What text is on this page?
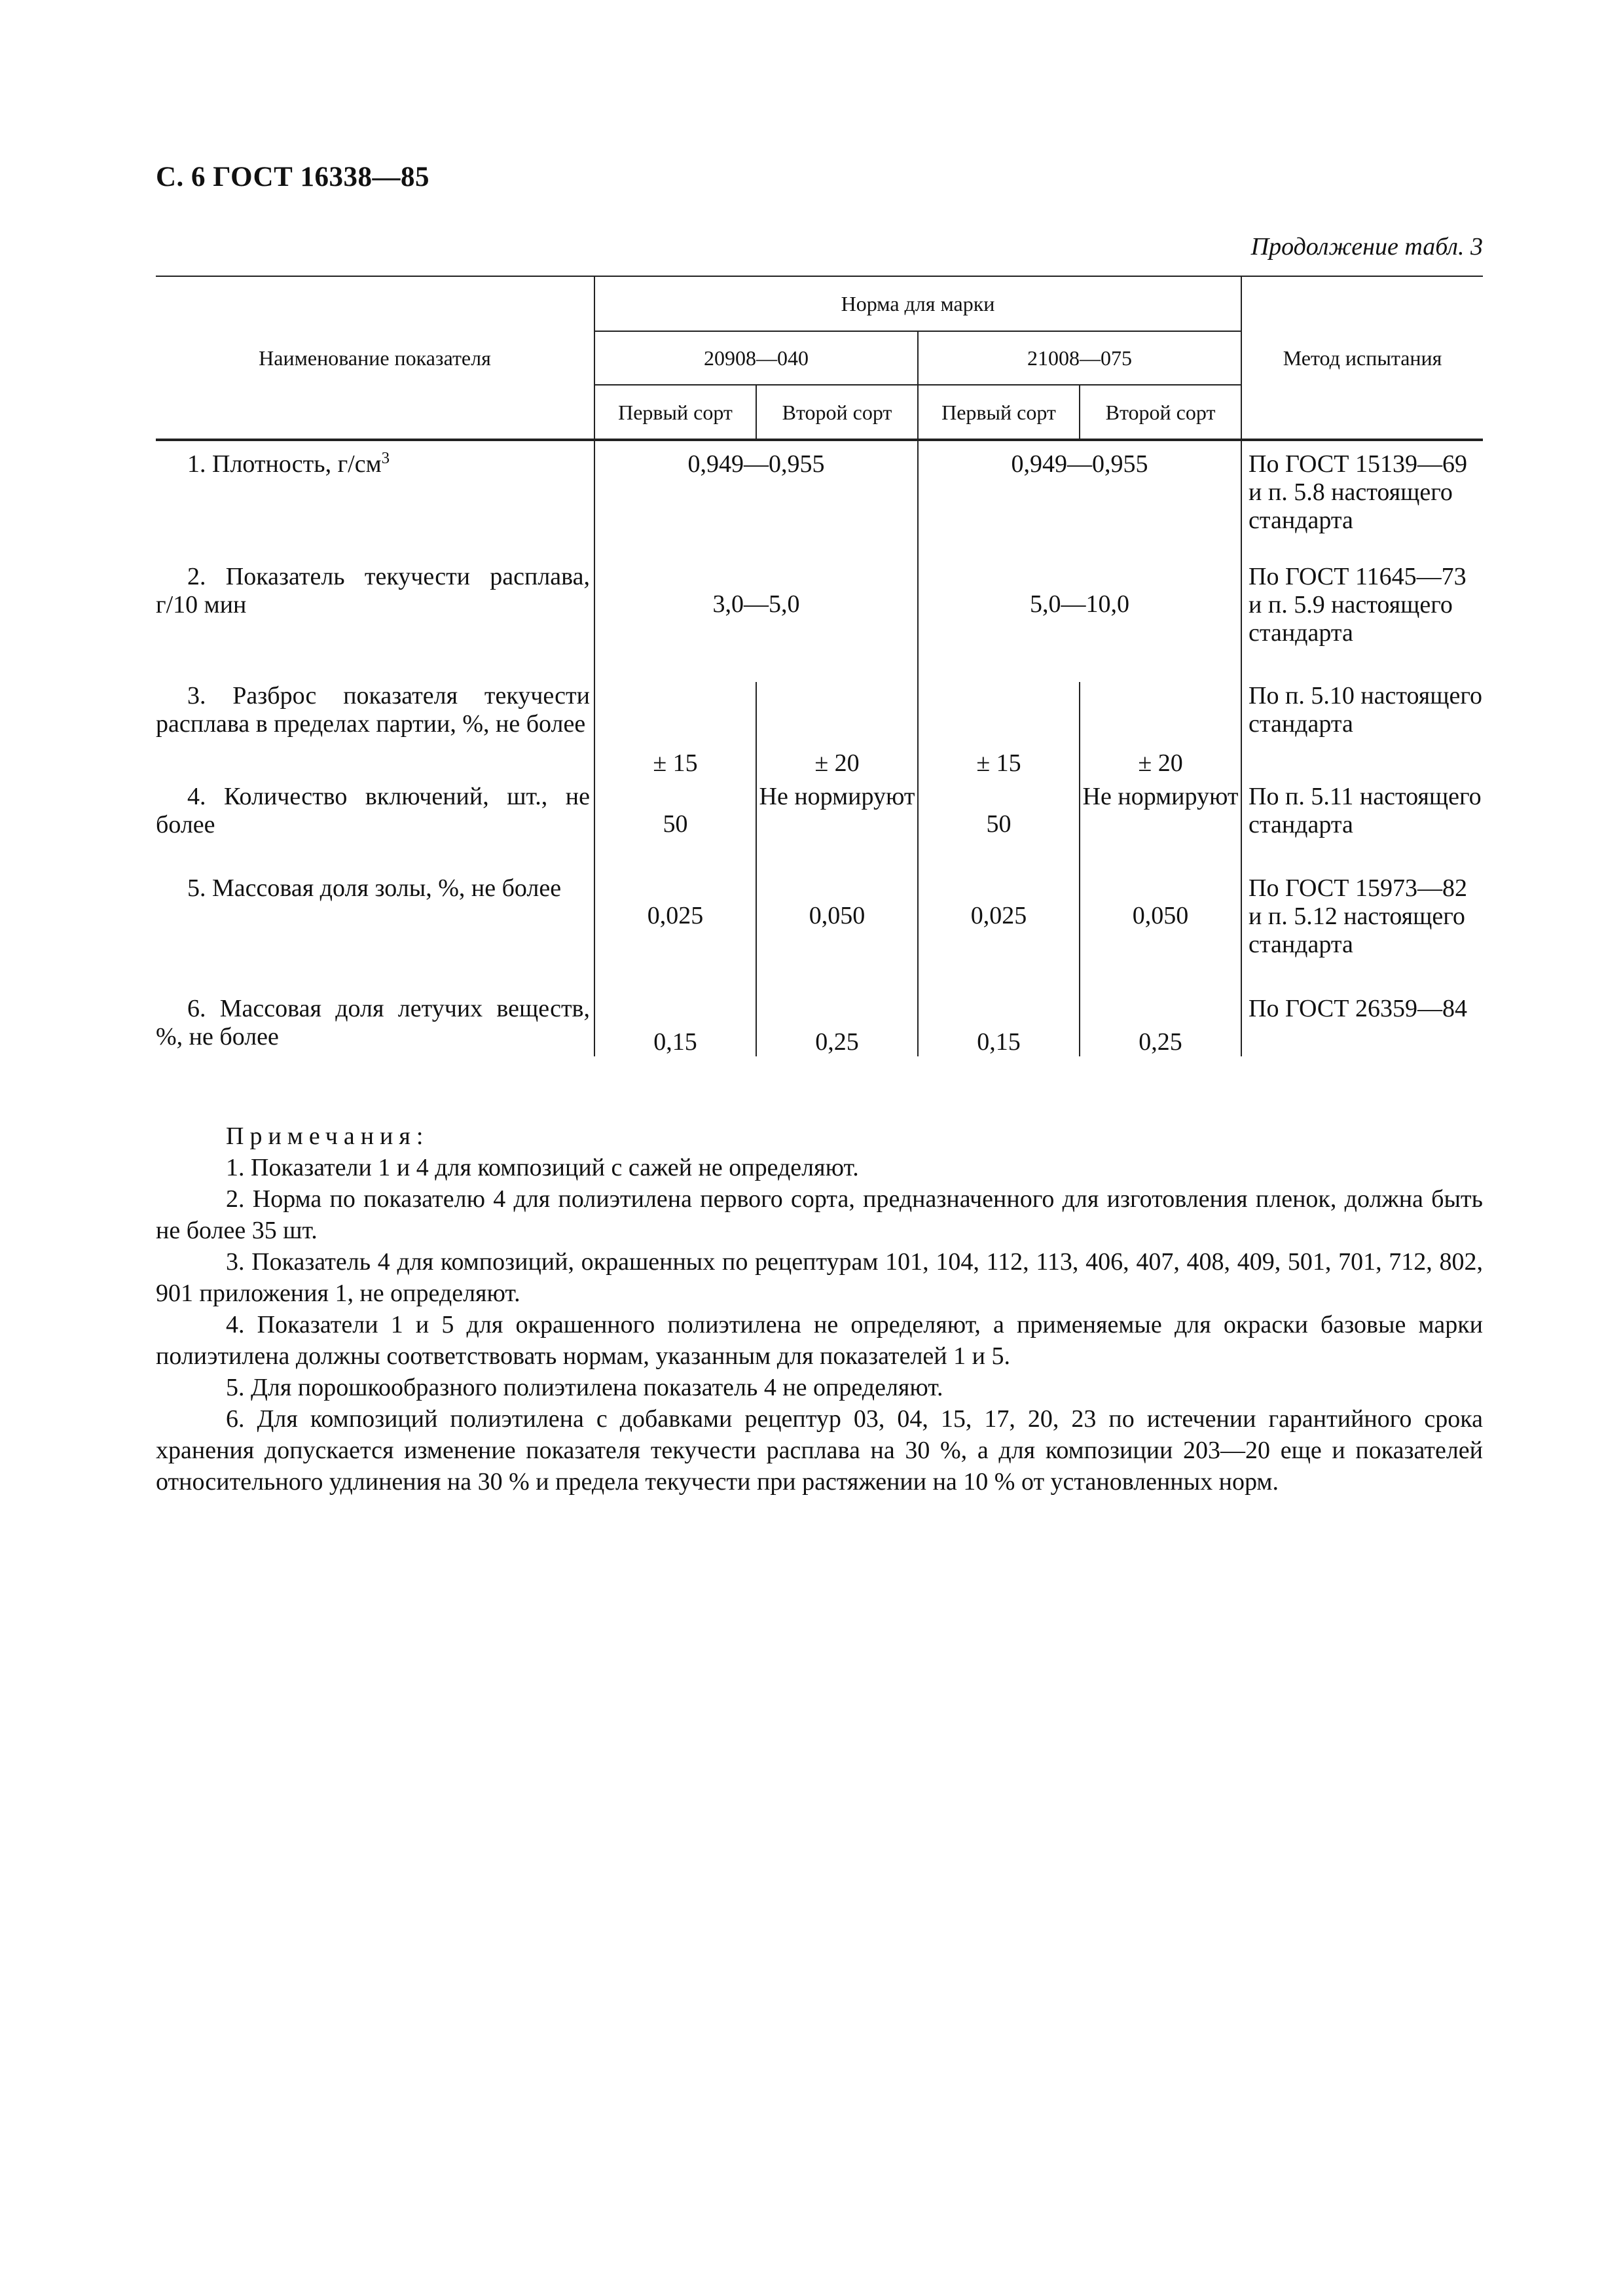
С. 6 ГОСТ 16338—85
Продолжение табл. 3
Наименование показателя	Норма для марки				Метод испытания
	20908—040		21008—075		
	Первый сорт	Второй сорт	Первый сорт	Второй сорт	

1. Плотность, $г/см^3$	0,949—0,955		0,949—0,955		По ГОСТ 15139—69 и п. 5.8 настоящего стандарта

2. Показатель текучести расплава, г/10 мин	3,0—5,0		5,0—10,0		По ГОСТ 11645—73 и п. 5.9 настоящего стандарта

3. Разброс показателя текучести расплава в пределах партии, %, не более	± 15	± 20	± 15	± 20	По п. 5.10 настоящего стандарта

4. Количество включений, шт., не более	50	Не нормируют	50	Не нормируют	По п. 5.11 настоящего стандарта

5. Массовая доля золы, %, не более	0,025	0,050	0,025	0,050	По ГОСТ 15973—82 и п. 5.12 настоящего стандарта

6. Массовая доля летучих веществ, %, не более	0,15	0,25	0,15	0,25	По ГОСТ 26359—84
Примечания:

1. Показатели 1 и 4 для композиций с сажей не определяют.

2. Норма по показателю 4 для полиэтилена первого сорта, предназначенного для изготовления пленок, должна быть не более 35 шт.

3. Показатель 4 для композиций, окрашенных по рецептурам 101, 104, 112, 113, 406, 407, 408, 409, 501, 701, 712, 802, 901 приложения 1, не определяют.

4. Показатели 1 и 5 для окрашенного полиэтилена не определяют, а применяемые для окраски базовые марки полиэтилена должны соответствовать нормам, указанным для показателей 1 и 5.

5. Для порошкообразного полиэтилена показатель 4 не определяют.

6. Для композиций полиэтилена с добавками рецептур 03, 04, 15, 17, 20, 23 по истечении гарантийного срока хранения допускается изменение показателя текучести расплава на 30 %, а для композиции 203—20 еще и показателей относительного удлинения на 30 % и предела текучести при растяжении на 10 % от установленных норм.
